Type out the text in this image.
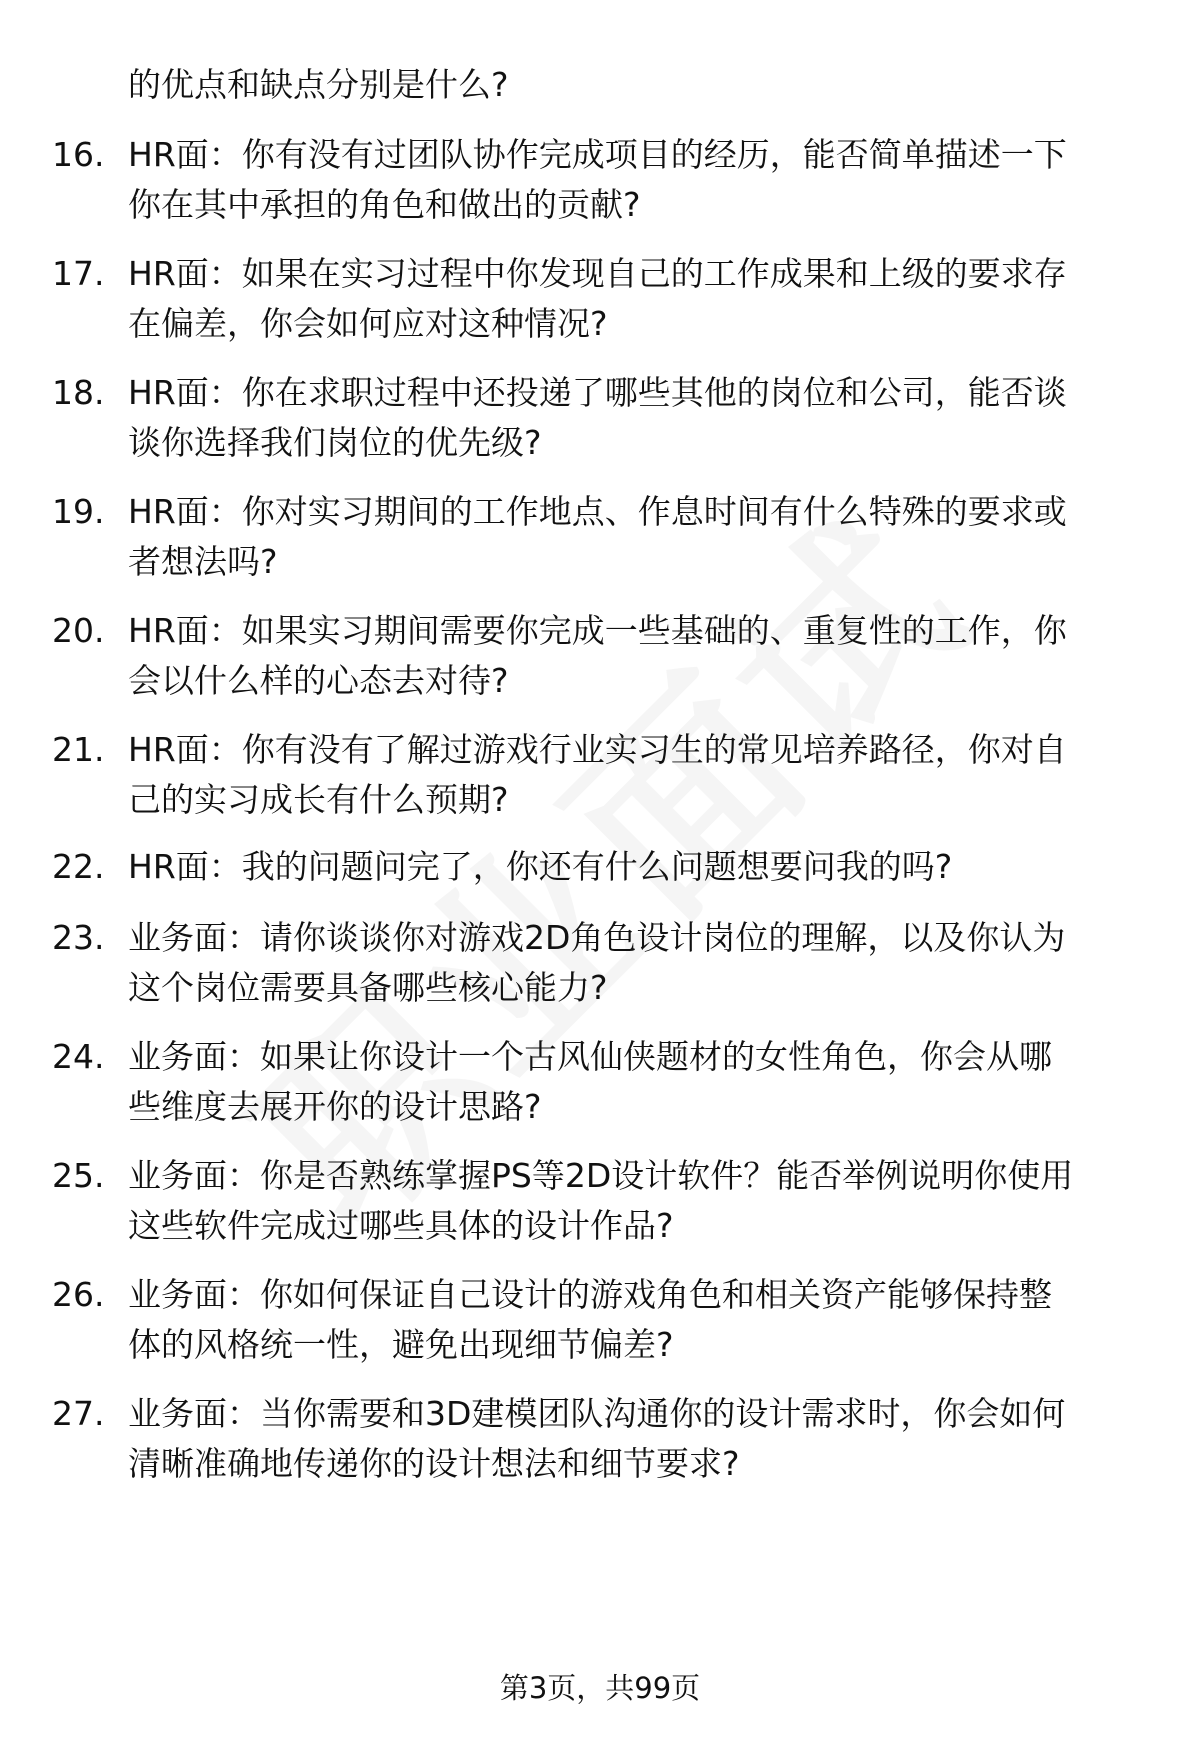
的优点和缺点分别是什么?
16. HR面：你有没有过团队协作完成项目的经历，能否简单描述一下
你在其中承担的角色和做出的贡献?
17. HR面：如果在实习过程中你发现自己的工作成果和上级的要求存
在偏差，你会如何应对这种情况?
18. HR面：你在求职过程中还投递了哪些其他的岗位和公司，能否谈
谈你选择我们岗位的优先级?
19. HR面：你对实习期间的工作地点、作息时间有什么特殊的要求或
者想法吗?
20. HR面：如果实习期间需要你完成一些基础的、重复性的工作，你
会以什么样的心态去对待?
21. HR面：你有没有了解过游戏行业实习生的常见培养路径，你对自
己的实习成长有什么预期?
22. HR面：我的问题问完了，你还有什么问题想要问我的吗?
23. 业务面：请你谈谈你对游戏2D角色设计岗位的理解，以及你认为
这个岗位需要具备哪些核心能力?
24. 业务面：如果让你设计一个古风仙侠题材的女性角色，你会从哪
些维度去展开你的设计思路?
25. 业务面：你是否熟练掌握PS等2D设计软件？能否举例说明你使用
这些软件完成过哪些具体的设计作品?
26. 业务面：你如何保证自己设计的游戏角色和相关资产能够保持整
体的风格统一性，避免出现细节偏差?
27. 业务面：当你需要和3D建模团队沟通你的设计需求时，你会如何
清晰准确地传递你的设计想法和细节要求?
第3页，共99页
